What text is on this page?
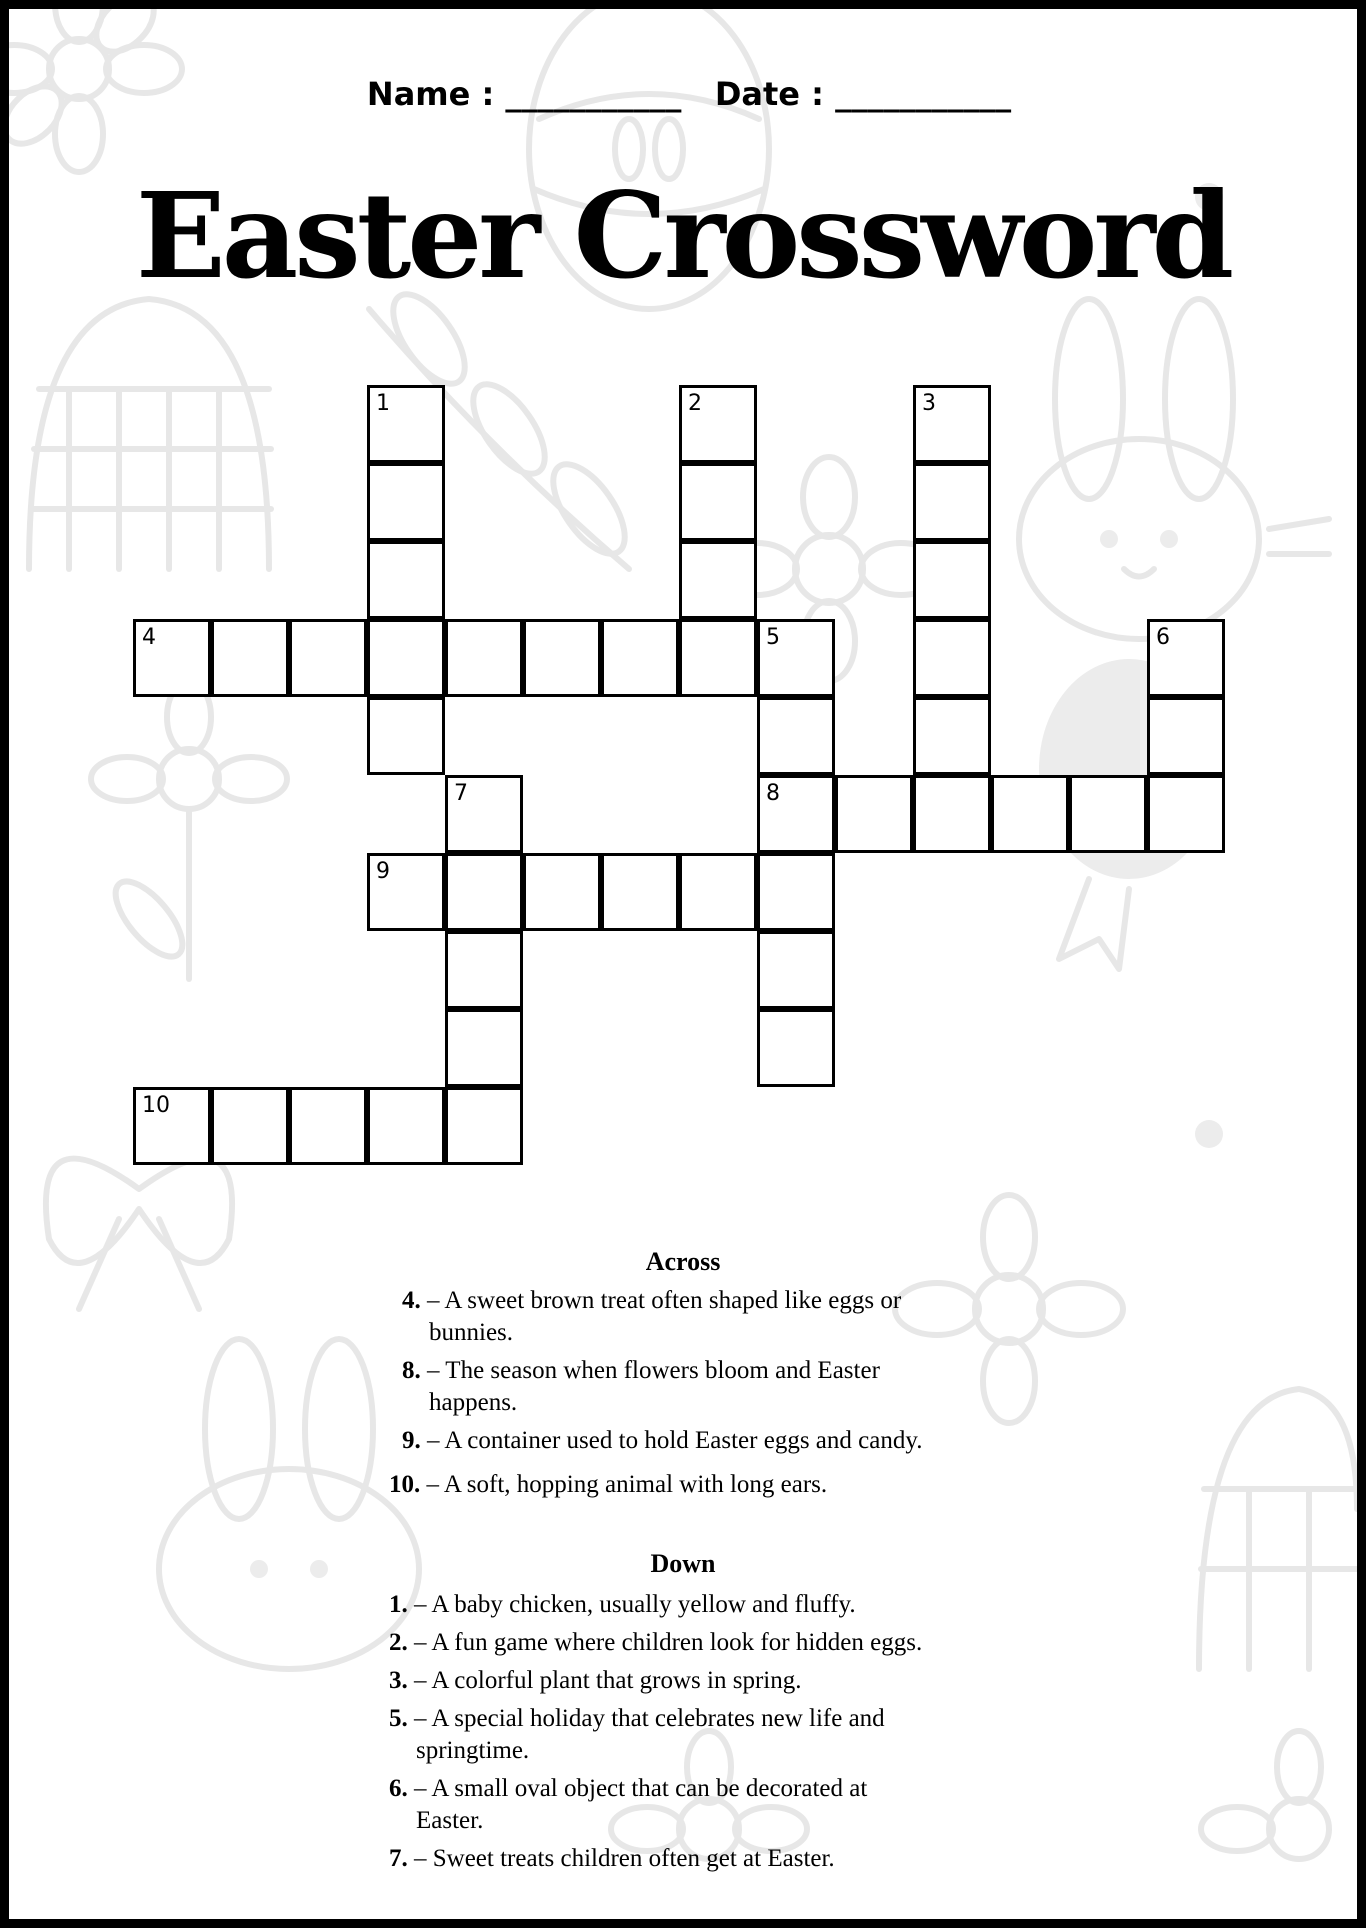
Name : ___________ Date : ___________
Easter Crossword
1	2	3
4	5
8
6
7
9
10
Across
4. – A sweet brown treat often shaped like eggs or
bunnies.
8. – The season when flowers bloom and Easter
happens.
9. – A container used to hold Easter eggs and candy.
10. – A soft, hopping animal with long ears.
Down
1. – A baby chicken, usually yellow and fluffy.
2. – A fun game where children look for hidden eggs.
3. – A colorful plant that grows in spring.
5. – A special holiday that celebrates new life and
springtime.
6. – A small oval object that can be decorated at
Easter.
7. – Sweet treats children often get at Easter.
